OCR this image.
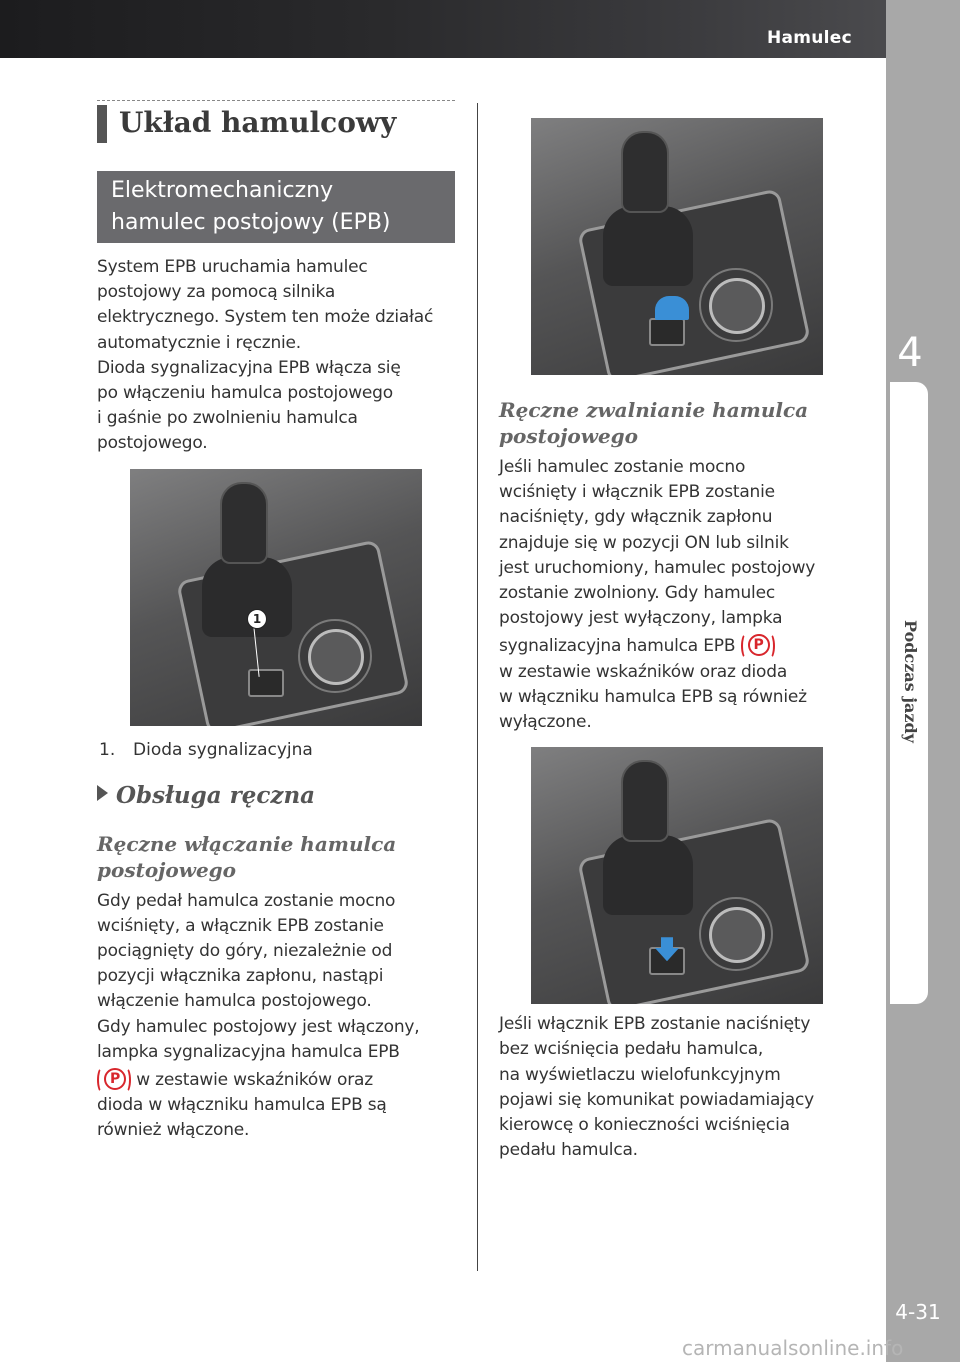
Hamulec
4
Podczas jazdy
4-31
carmanualsonline.info
Układ hamulcowy
Elektromechaniczny
hamulec postojowy (EPB)

System EPB uruchamia hamulec
postojowy za pomocą silnika
elektrycznego. System ten może działać
automatycznie i ręcznie.
Dioda sygnalizacyjna EPB włącza się
po włączeniu hamulca postojowego
i gaśnie po zwolnieniu hamulca
postojowego.

1
1. Dioda sygnalizacyjna
Obsługa ręczna
Ręczne włączanie hamulca
postojowego

Gdy pedał hamulca zostanie mocno
wciśnięty, a włącznik EPB zostanie
pociągnięty do góry, niezależnie od
pozycji włącznika zapłonu, nastąpi
włączenie hamulca postojowego.
Gdy hamulec postojowy jest włączony,
lampka sygnalizacyjna hamulca EPB

P w zestawie wskaźników oraz
dioda w włączniku hamulca EPB są
również włączone.

Ręczne zwalnianie hamulca
postojowego

Jeśli hamulec zostanie mocno
wciśnięty i włącznik EPB zostanie
naciśnięty, gdy włącznik zapłonu
znajduje się w pozycji ON lub silnik
jest uruchomiony, hamulec postojowy
zostanie zwolniony. Gdy hamulec
postojowy jest wyłączony, lampka
sygnalizacyjna hamulca EPB P

w zestawie wskaźników oraz dioda
w włączniku hamulca EPB są również
wyłączone.

Jeśli włącznik EPB zostanie naciśnięty
bez wciśnięcia pedału hamulca,
na wyświetlaczu wielofunkcyjnym
pojawi się komunikat powiadamiający
kierowcę o konieczności wciśnięcia
pedału hamulca.
